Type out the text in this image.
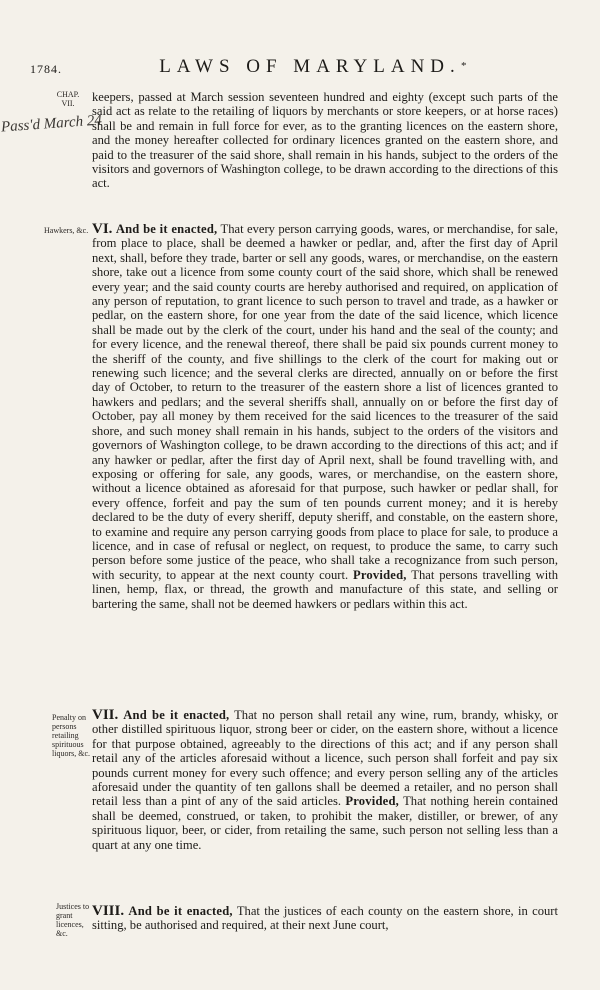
1784.	LAWS OF MARYLAND. *
CHAP.
VII.
Pass'd March 24
Hawkers, &c.
Penalty on persons retailing spirituous liquors, &c.
Justices to grant licences, &c.

keepers, passed at March session seventeen hundred and eighty (except such parts of the said act as relate to the retailing of liquors by merchants or store keepers, or at horse races) shall be and remain in full force for ever, as to the granting licences on the eastern shore, and the money hereafter collected for ordinary licences granted on the eastern shore, and paid to the treasurer of the said shore, shall remain in his hands, subject to the orders of the visitors and governors of Washington college, to be drawn according to the directions of this act.

VI. And be it enacted, That every person carrying goods, wares, or merchandise, for sale, from place to place, shall be deemed a hawker or pedlar, and, after the first day of April next, shall, before they trade, barter or sell any goods, wares, or merchandise, on the eastern shore, take out a licence from some county court of the said shore, which shall be renewed every year; and the said county courts are hereby authorised and required, on application of any person of reputation, to grant licence to such person to travel and trade, as a hawker or pedlar, on the eastern shore, for one year from the date of the said licence, which licence shall be made out by the clerk of the court, under his hand and the seal of the county; and for every licence, and the renewal thereof, there shall be paid six pounds current money to the sheriff of the county, and five shillings to the clerk of the court for making out or renewing such licence; and the several clerks are directed, annually on or before the first day of October, to return to the treasurer of the eastern shore a list of licences granted to hawkers and pedlars; and the several sheriffs shall, annually on or before the first day of October, pay all money by them received for the said licences to the treasurer of the said shore, and such money shall remain in his hands, subject to the orders of the visitors and governors of Washington college, to be drawn according to the directions of this act; and if any hawker or pedlar, after the first day of April next, shall be found travelling with, and exposing or offering for sale, any goods, wares, or merchandise, on the eastern shore, without a licence obtained as aforesaid for that purpose, such hawker or pedlar shall, for every offence, forfeit and pay the sum of ten pounds current money; and it is hereby declared to be the duty of every sheriff, deputy sheriff, and constable, on the eastern shore, to examine and require any person carrying goods from place to place for sale, to produce a licence, and in case of refusal or neglect, on request, to produce the same, to carry such person before some justice of the peace, who shall take a recognizance from such person, with security, to appear at the next county court. Provided, That persons travelling with linen, hemp, flax, or thread, the growth and manufacture of this state, and selling or bartering the same, shall not be deemed hawkers or pedlars within this act.

VII. And be it enacted, That no person shall retail any wine, rum, brandy, whisky, or other distilled spirituous liquor, strong beer or cider, on the eastern shore, without a licence for that purpose obtained, agreeably to the directions of this act; and if any person shall retail any of the articles aforesaid without a licence, such person shall forfeit and pay six pounds current money for every such offence; and every person selling any of the articles aforesaid under the quantity of ten gallons shall be deemed a retailer, and no person shall retail less than a pint of any of the said articles. Provided, That nothing herein contained shall be deemed, construed, or taken, to prohibit the maker, distiller, or brewer, of any spirituous liquor, beer, or cider, from retailing the same, such person not selling less than a quart at any one time.

VIII. And be it enacted, That the justices of each county on the eastern shore, in court sitting, be authorised and required, at their next June court,
